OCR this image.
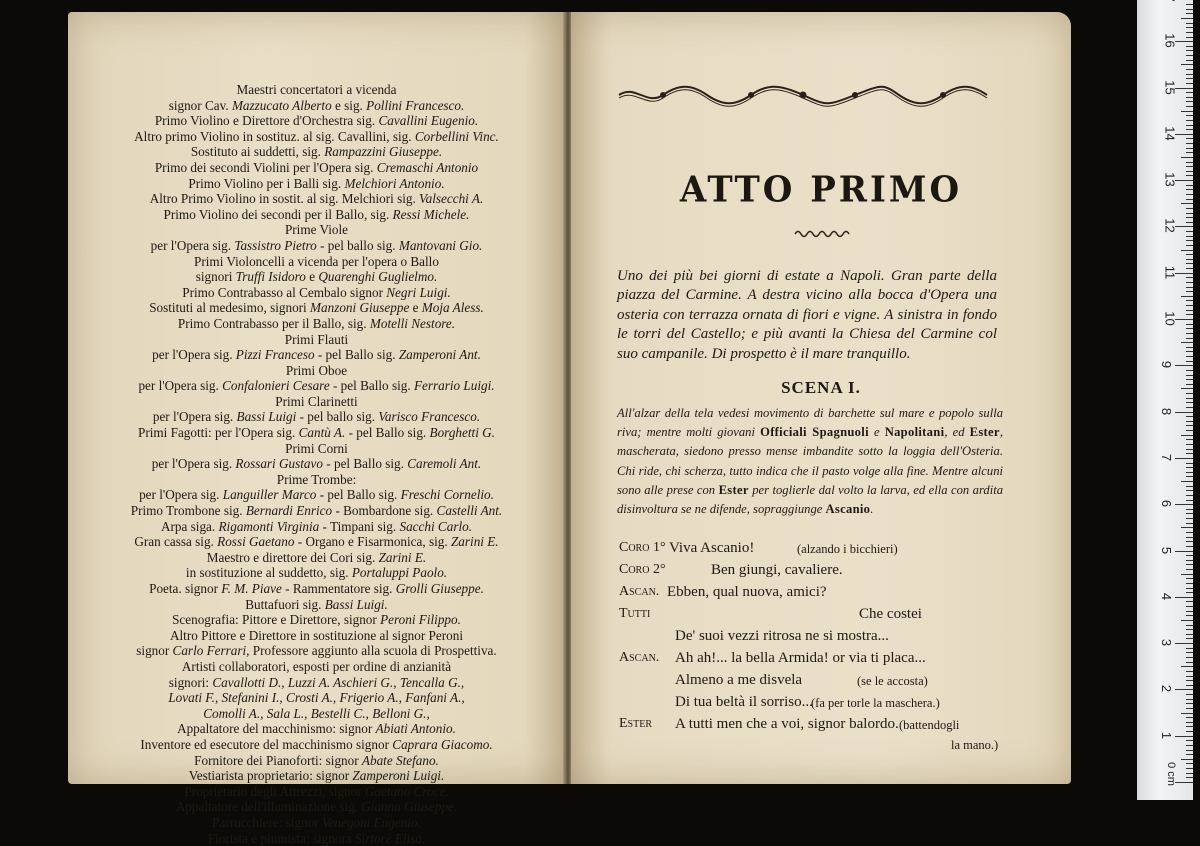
Maestri concertatori a vicenda
signor Cav. Mazzucato Alberto e sig. Pollini Francesco.
Primo Violino e Direttore d'Orchestra sig. Cavallini Eugenio.
Altro primo Violino in sostituz. al sig. Cavallini, sig. Corbellini Vinc.
Sostituto ai suddetti, sig. Rampazzini Giuseppe.
Primo dei secondi Violini per l'Opera sig. Cremaschi Antonio
Primo Violino per i Balli sig. Melchiori Antonio.
Altro Primo Violino in sostit. al sig. Melchiori sig. Valsecchi A.
Primo Violino dei secondi per il Ballo, sig. Ressi Michele.
Prime Viole
per l'Opera sig. Tassistro Pietro - pel ballo sig. Mantovani Gio.
Primi Violoncelli a vicenda per l'opera o Ballo
signori Truffi Isidoro e Quarenghi Guglielmo.
Primo Contrabasso al Cembalo signor Negri Luigi.
Sostituti al medesimo, signori Manzoni Giuseppe e Moja Aless.
Primo Contrabasso per il Ballo, sig. Motelli Nestore.
Primi Flauti
per l'Opera sig. Pizzi Franceso - pel Ballo sig. Zamperoni Ant.
Primi Oboe
per l'Opera sig. Confalonieri Cesare - pel Ballo sig. Ferrario Luigi.
Primi Clarinetti
per l'Opera sig. Bassi Luigi - pel ballo sig. Varisco Francesco.
Primi Fagotti: per l'Opera sig. Cantù A. - pel Ballo sig. Borghetti G.
Primi Corni
per l'Opera sig. Rossari Gustavo - pel Ballo sig. Caremoli Ant.
Prime Trombe:
per l'Opera sig. Languiller Marco - pel Ballo sig. Freschi Cornelio.
Primo Trombone sig. Bernardi Enrico - Bombardone sig. Castelli Ant.
Arpa siga. Rigamonti Virginia - Timpani sig. Sacchi Carlo.
Gran cassa sig. Rossi Gaetano - Organo e Fisarmonica, sig. Zarini E.
Maestro e direttore dei Cori sig. Zarini E.
in sostituzione al suddetto, sig. Portaluppi Paolo.
Poeta. signor F. M. Piave - Rammentatore sig. Grolli Giuseppe.
Buttafuori sig. Bassi Luigi.
Scenografia: Pittore e Direttore, signor Peroni Filippo.
Altro Pittore e Direttore in sostituzione al signor Peroni
signor Carlo Ferrari, Professore aggiunto alla scuola di Prospettiva.
Artisti collaboratori, esposti per ordine di anzianità
signori: Cavallotti D., Luzzi A. Aschieri G., Tencalla G.,
Lovati F., Stefanini I., Crosti A., Frigerio A., Fanfani A.,
Comolli A., Sala L., Bestelli C., Belloni G.,
Appaltatore del macchinismo: signor Abiati Antonio.
Inventore ed esecutore del macchinismo signor Caprara Giacomo.
Fornitore dei Pianoforti: signor Abate Stefano.
Vestiarista proprietario: signor Zamperoni Luigi.
Proprietario degli Attrezzi, signor Gaetano Croce.
Appaltatore dell'illuminazione sig. Gianna Giuseppe.
Parrucchiere: signor Venegoni Eugenio.
Fiorista e piumista: signora Sirtorè Elisa.
ATTO PRIMO
Uno dei più bei giorni di estate a Napoli. Gran parte della piazza del Carmine. A destra vicino alla bocca d'Opera una osteria con terrazza ornata di fiori e vigne. A sinistra in fondo le torri del Castello; e più avanti la Chiesa del Carmine col suo campanile. Di prospetto è il mare tranquillo.
SCENA I.
All'alzar della tela vedesi movimento di barchette sul mare e popolo sulla riva; mentre molti giovani Officiali Spagnuoli e Napolitani, ed Ester, mascherata, siedono presso mense imbandite sotto la loggia dell'Osteria. Chi ride, chi scherza, tutto indica che il pasto volge alla fine. Mentre alcuni sono alle prese con Ester per toglierle dal volto la larva, ed ella con ardita disinvoltura se ne difende, sopraggiunge Ascanio.
Coro 1° Viva Ascanio!	(alzando i bicchieri)
Coro 2°	Ben giungi, cavaliere.
Ascan. Ebben, qual nuova, amici?
Tutti	Che costei
De' suoi vezzi ritrosa ne si mostra...
Ascan. Ah ah!... la bella Armida! or via ti placa...
Almeno a me disvela	(se le accosta)
Di tua beltà il sorriso...
(fa per torle la maschera.)
Ester A tutti men che a voi, signor balordo. (battendogli
la mano.)
16
15
14
13
12
11
10
9
8
7
6
5
4
3
2
1
0 cm
